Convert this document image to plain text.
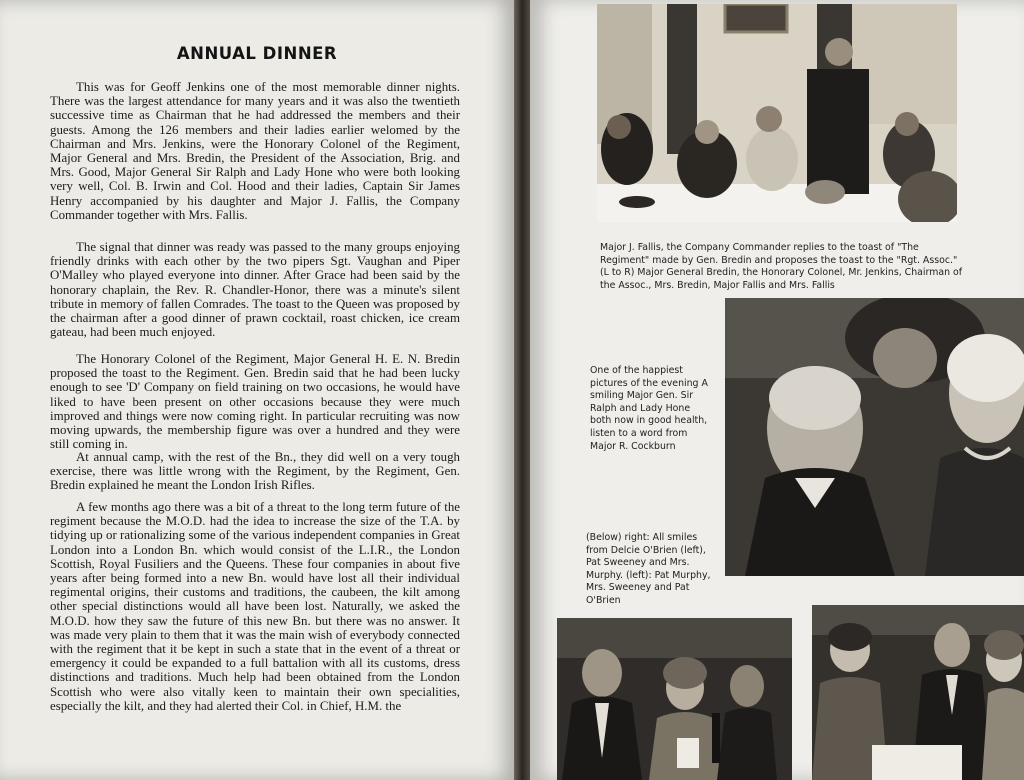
ANNUAL DINNER

This was for Geoff Jenkins one of the most memorable dinner nights. There was the largest attendance for many years and it was also the twentieth successive time as Chairman that he had addressed the members and their guests. Among the 126 members and their ladies earlier welomed by the Chairman and Mrs. Jenkins, were the Honorary Colonel of the Regiment, Major General and Mrs. Bredin, the President of the Association, Brig. and Mrs. Good, Major General Sir Ralph and Lady Hone who were both looking very well, Col. B. Irwin and Col. Hood and their ladies, Captain Sir James Henry accompanied by his daughter and Major J. Fallis, the Company Commander together with Mrs. Fallis.

The signal that dinner was ready was passed to the many groups enjoying friendly drinks with each other by the two pipers Sgt. Vaughan and Piper O'Malley who played everyone into dinner. After Grace had been said by the honorary chaplain, the Rev. R. Chandler-Honor, there was a minute's silent tribute in memory of fallen Comrades. The toast to the Queen was proposed by the chairman after a good dinner of prawn cocktail, roast chicken, ice cream gateau, had been much enjoyed.

The Honorary Colonel of the Regiment, Major General H. E. N. Bredin proposed the toast to the Regiment. Gen. Bredin said that he had been lucky enough to see 'D' Company on field training on two occasions, he would have liked to have been present on other occasions because they were much improved and things were now coming right. In particular recruiting was now moving upwards, the membership figure was over a hundred and they were still coming in.

At annual camp, with the rest of the Bn., they did well on a very tough exercise, there was little wrong with the Regiment, by the Regiment, Gen. Bredin explained he meant the London Irish Rifles.

A few months ago there was a bit of a threat to the long term future of the regiment because the M.O.D. had the idea to increase the size of the T.A. by tidying up or rationalizing some of the various independent companies in Great London into a London Bn. which would consist of the L.I.R., the London Scottish, Royal Fusiliers and the Queens. These four companies in about five years after being formed into a new Bn. would have lost all their individual regimental origins, their customs and traditions, the caubeen, the kilt among other special distinctions would all have been lost. Naturally, we asked the M.O.D. how they saw the future of this new Bn. but there was no answer. It was made very plain to them that it was the main wish of everybody connected with the regiment that it be kept in such a state that in the event of a threat or emergency it could be expanded to a full battalion with all its customs, dress distinctions and traditions. Much help had been obtained from the London Scottish who were also vitally keen to maintain their own specialities, especially the kilt, and they had alerted their Col. in Chief, H.M. the

Major J. Fallis, the Company Commander replies to the toast of "The Regiment" made by Gen. Bredin and proposes the toast to the "Rgt. Assoc." (L to R) Major General Bredin, the Honorary Colonel, Mr. Jenkins, Chairman of the Assoc., Mrs. Bredin, Major Fallis and Mrs. Fallis

One of the happiest pictures of the evening A smiling Major Gen. Sir Ralph and Lady Hone both now in good health, listen to a word from Major R. Cockburn

(Below) right: All smiles from Delcie O'Brien (left), Pat Sweeney and Mrs. Murphy. (left): Pat Murphy, Mrs. Sweeney and Pat O'Brien
